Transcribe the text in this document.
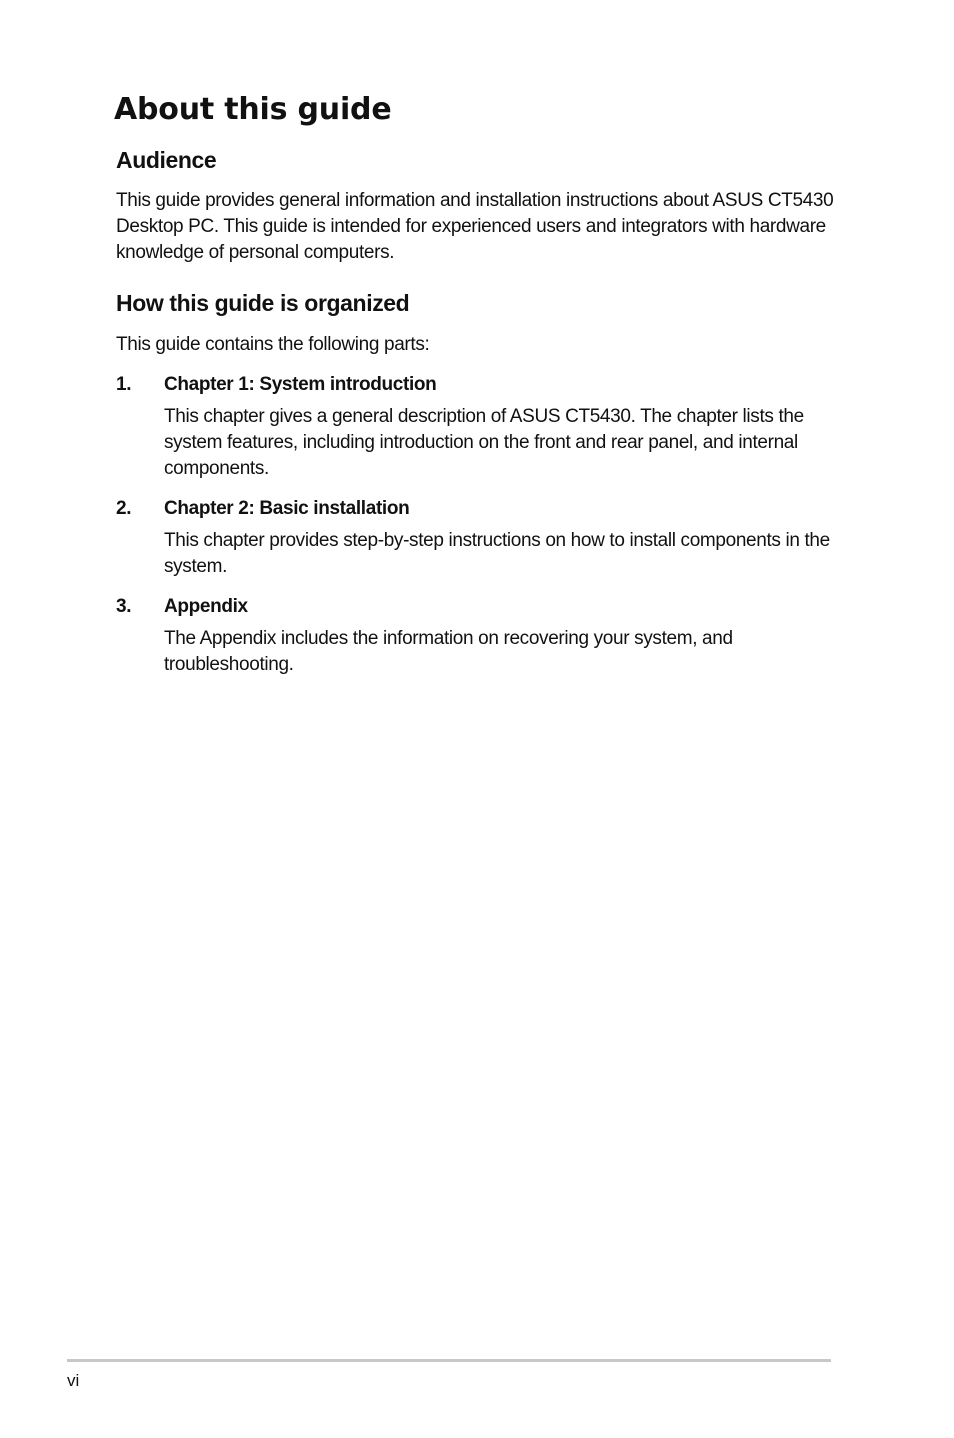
About this guide
Audience

This guide provides general information and installation instructions about ASUS CT5430 Desktop PC. This guide is intended for experienced users and integrators with hardware knowledge of personal computers.

How this guide is organized

This guide contains the following parts:

1. Chapter 1: System introduction

This chapter gives a general description of ASUS CT5430. The chapter lists the system features, including introduction on the front and rear panel, and internal components.

2. Chapter 2: Basic installation

This chapter provides step-by-step instructions on how to install components in the system.

3. Appendix

The Appendix includes the information on recovering your system, and troubleshooting.

vi
